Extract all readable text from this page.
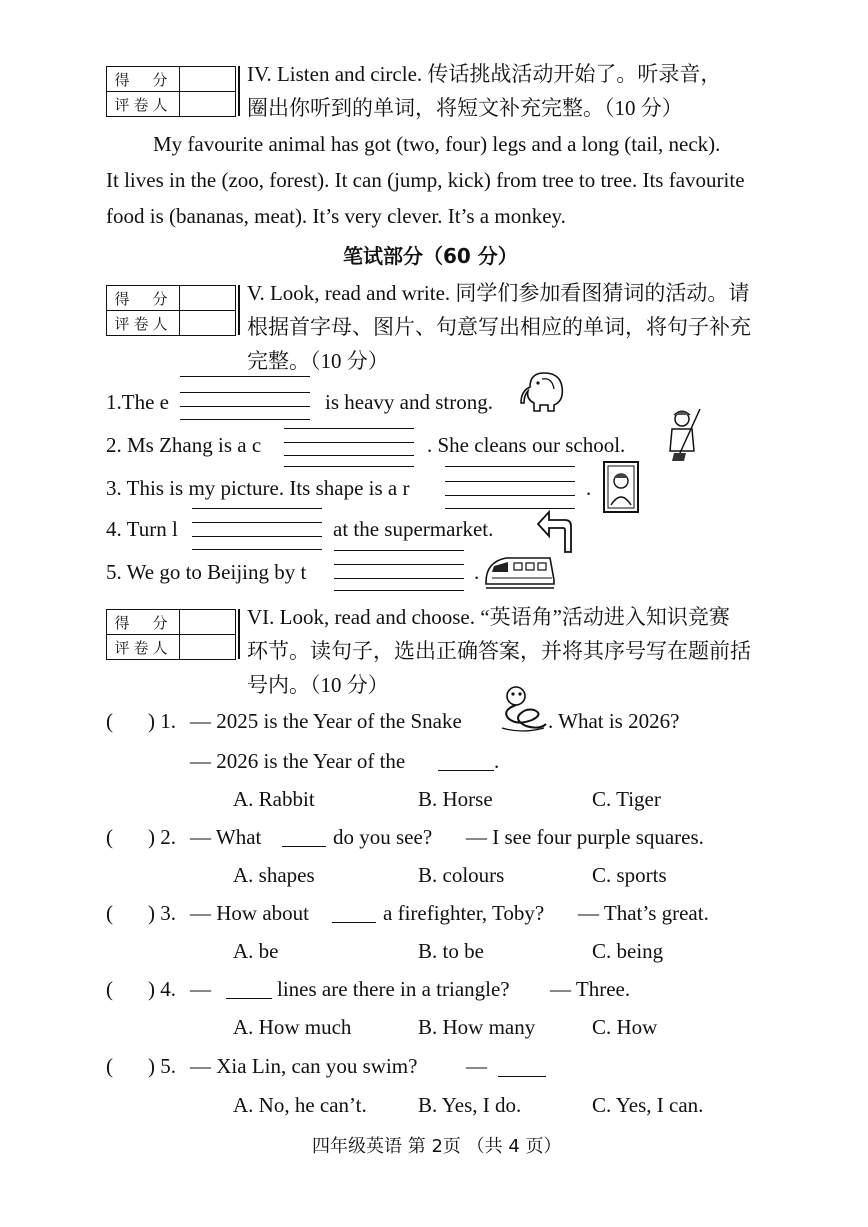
得　分	
评卷人	
IV. Listen and circle. 传话挑战活动开始了。听录音，
圈出你听到的单词，将短文补充完整。（10 分）
My favourite animal has got (two, four) legs and a long (tail, neck).
It lives in the (zoo, forest). It can (jump, kick) from tree to tree. Its favourite
food is (bananas, meat). It’s very clever. It’s a monkey.
笔试部分（60 分）
得　分	
评卷人	
V. Look, read and write. 同学们参加看图猜词的活动。请
根据首字母、图片、句意写出相应的单词，将句子补充
完整。（10 分）
1.The e	is heavy and strong.
2. Ms Zhang is a c	. She cleans our school.
3. This is my picture. Its shape is a r	.
4. Turn l	at the supermarket.
5. We go to Beijing by t	.
得　分	
评卷人	
VI. Look, read and choose. “英语角”活动进入知识竞赛
环节。读句子，选出正确答案，并将其序号写在题前括
号内。（10 分）
( ) 1. — 2025 is the Year of the Snake	. What is 2026?
— 2026 is the Year of the	.
A. Rabbit	B. Horse	C. Tiger
( ) 2. — What	do you see? — I see four purple squares.
A. shapes	B. colours	C. sports
( ) 3. — How about	a firefighter, Toby? — That’s great.
A. be	B. to be	C. being
( ) 4. —	lines are there in a triangle? — Three.
A. How much	B. How many	C. How
( ) 5. — Xia Lin, can you swim? —
A. No, he can’t. B. Yes, I do.	C. Yes, I can.
四年级英语 第 2页 （共 4 页）
